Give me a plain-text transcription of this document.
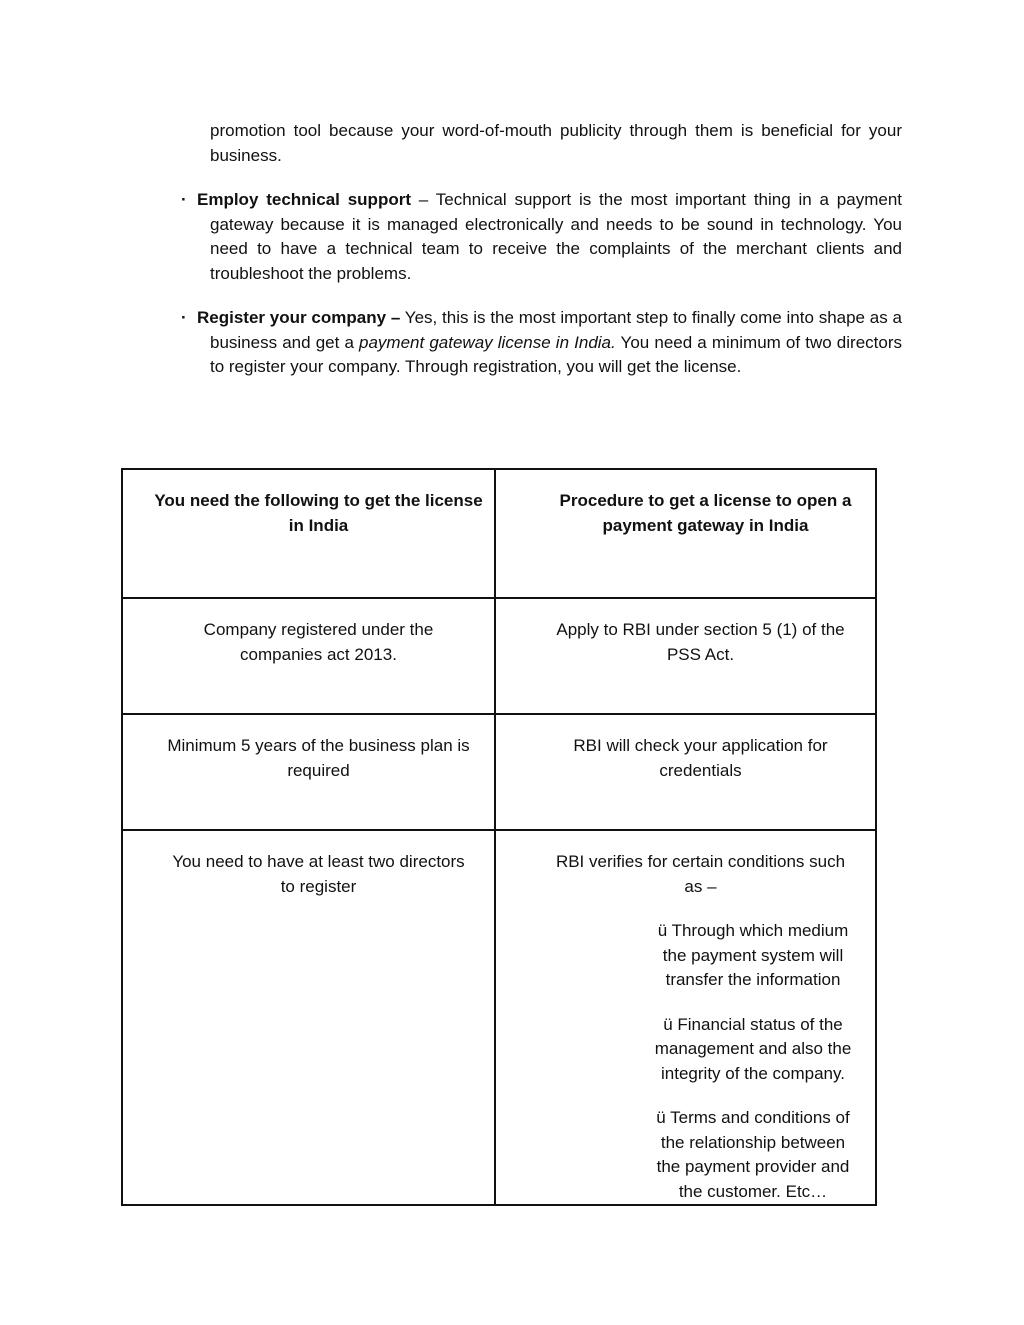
promotion tool because your word-of-mouth publicity through them is beneficial for your business.
· Employ technical support – Technical support is the most important thing in a payment gateway because it is managed electronically and needs to be sound in technology. You need to have a technical team to receive the complaints of the merchant clients and troubleshoot the problems.
· Register your company – Yes, this is the most important step to finally come into shape as a business and get a payment gateway license in India. You need a minimum of two directors to register your company. Through registration, you will get the license.
You need the following to get the license in India	Procedure to get a license to open a payment gateway in India
Company registered under the companies act 2013.	Apply to RBI under section 5 (1) of the PSS Act.
Minimum 5 years of the business plan is required	RBI will check your application for credentials
You need to have at least two directors to register	RBI verifies for certain conditions such as –
ü Through which medium the payment system will transfer the information
ü Financial status of the management and also the integrity of the company.
ü Terms and conditions of the relationship between the payment provider and the customer. Etc…
